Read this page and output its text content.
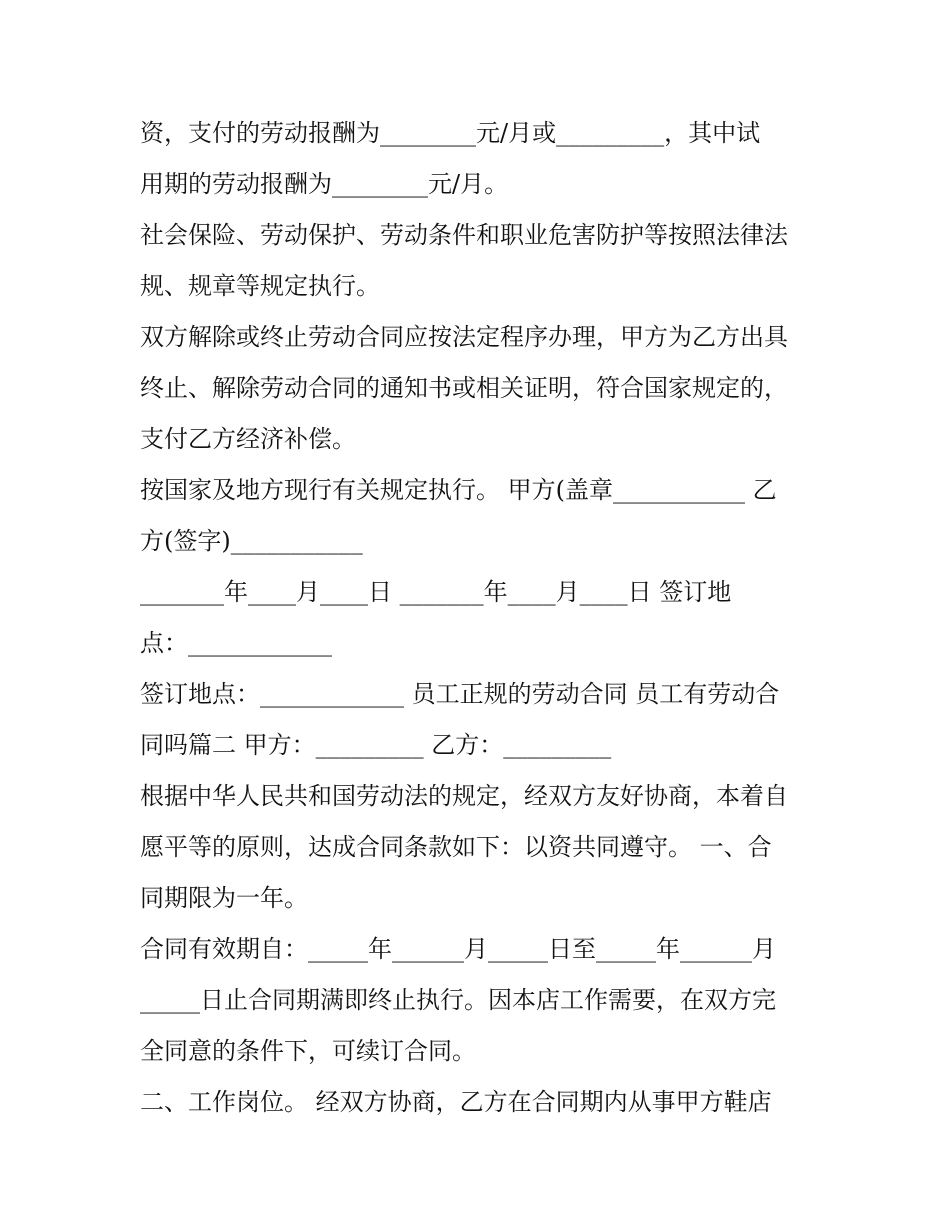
资，支付的劳动报酬为________元/月或_________，其中试
用期的劳动报酬为________元/月。
社会保险、劳动保护、劳动条件和职业危害防护等按照法律法
规、规章等规定执行。
双方解除或终止劳动合同应按法定程序办理，甲方为乙方出具
终止、解除劳动合同的通知书或相关证明，符合国家规定的，
支付乙方经济补偿。
按国家及地方现行有关规定执行。 甲方(盖章___________ 乙
方(签字)___________
_______年____月____日 _______年____月____日 签订地
点：____________
签订地点：____________ 员工正规的劳动合同 员工有劳动合
同吗篇二 甲方：_________ 乙方：_________
根据中华人民共和国劳动法的规定，经双方友好协商，本着自
愿平等的原则，达成合同条款如下：以资共同遵守。 一、合
同期限为一年。
合同有效期自：_____年______月_____日至_____年______月
_____日止合同期满即终止执行。因本店工作需要，在双方完
全同意的条件下，可续订合同。
二、工作岗位。 经双方协商，乙方在合同期内从事甲方鞋店
